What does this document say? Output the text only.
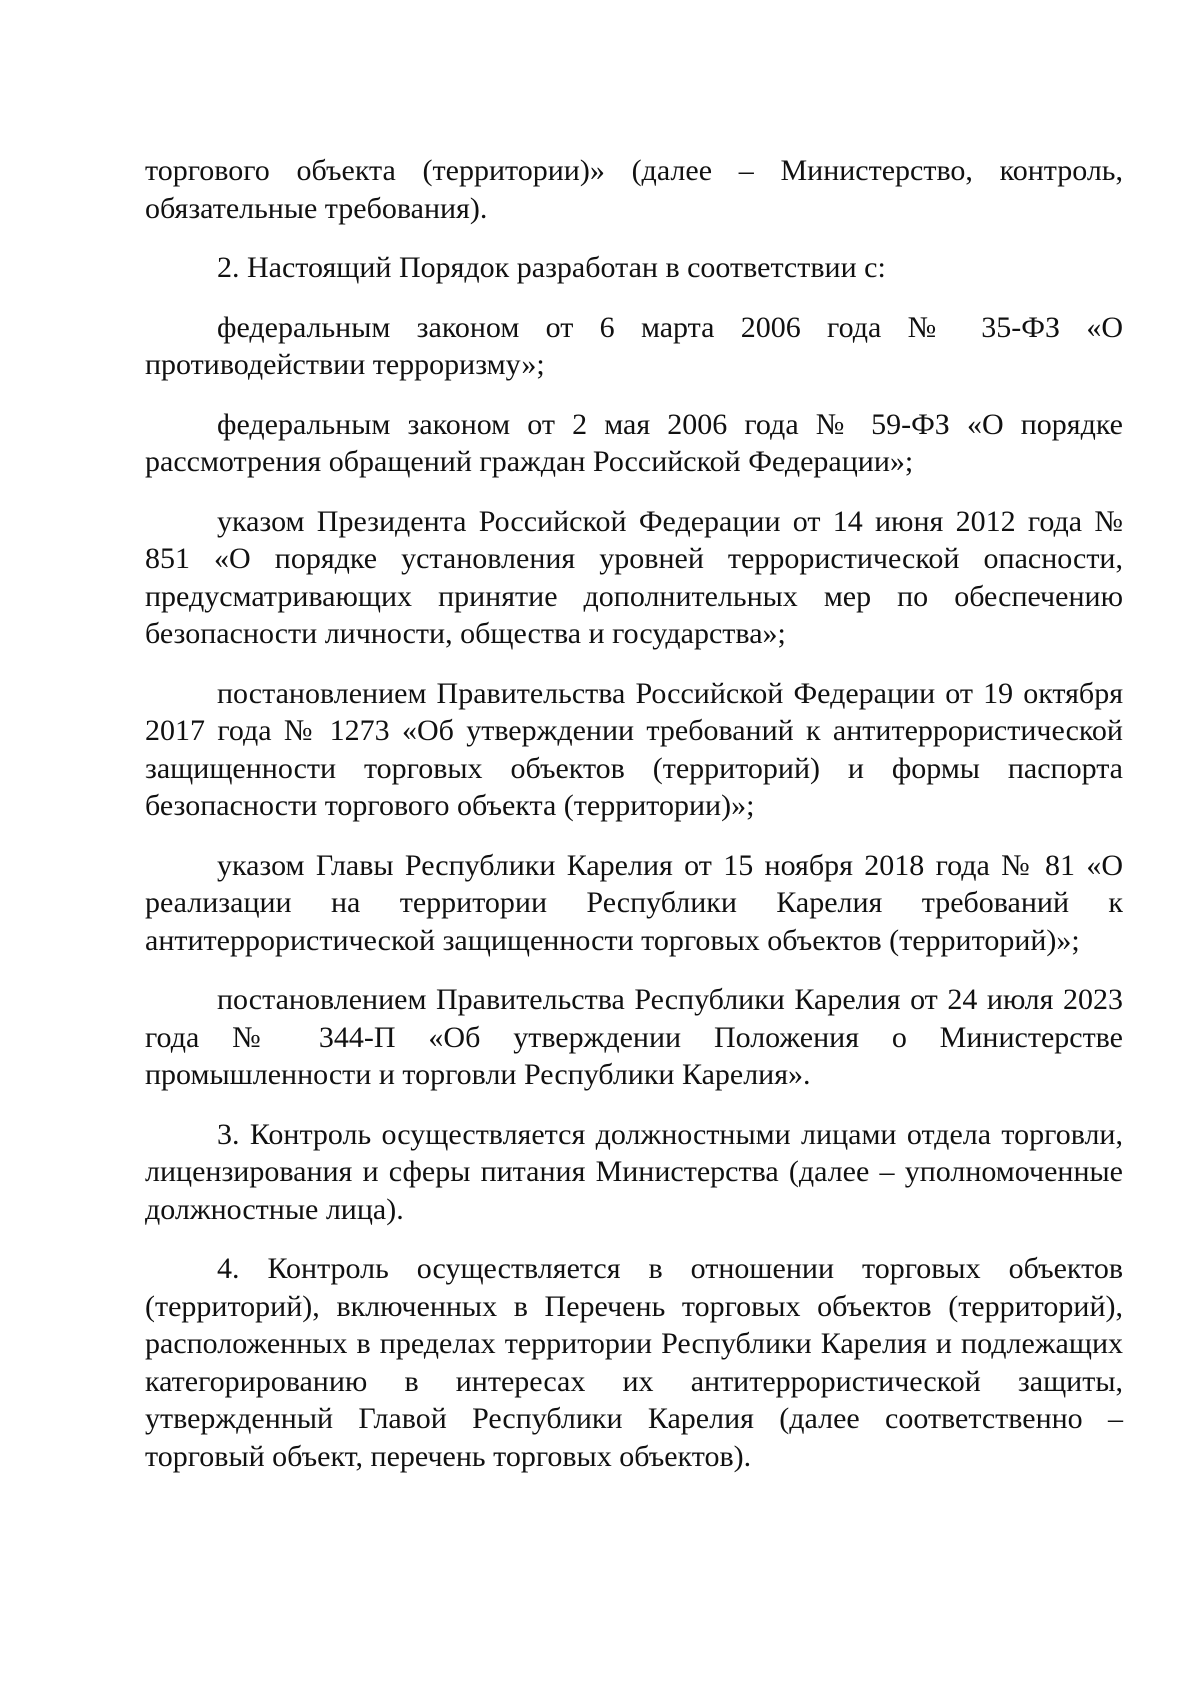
торгового объекта (территории)» (далее – Министерство, контроль, обязательные требования).

2. Настоящий Порядок разработан в соответствии с:

федеральным законом от 6 марта 2006 года № 35-ФЗ «О противодействии терроризму»;

федеральным законом от 2 мая 2006 года № 59-ФЗ «О порядке рассмотрения обращений граждан Российской Федерации»;

указом Президента Российской Федерации от 14 июня 2012 года № 851 «О порядке установления уровней террористической опасности, предусматривающих принятие дополнительных мер по обеспечению безопасности личности, общества и государства»;

постановлением Правительства Российской Федерации от 19 октября 2017 года № 1273 «Об утверждении требований к антитеррористической защищенности торговых объектов (территорий) и формы паспорта безопасности торгового объекта (территории)»;

указом Главы Республики Карелия от 15 ноября 2018 года № 81 «О реализации на территории Республики Карелия требований к антитеррористической защищенности торговых объектов (территорий)»;

постановлением Правительства Республики Карелия от 24 июля 2023 года № 344-П «Об утверждении Положения о Министерстве промышленности и торговли Республики Карелия».

3. Контроль осуществляется должностными лицами отдела торговли, лицензирования и сферы питания Министерства (далее – уполномоченные должностные лица).

4. Контроль осуществляется в отношении торговых объектов (территорий), включенных в Перечень торговых объектов (территорий), расположенных в пределах территории Республики Карелия и подлежащих категорированию в интересах их антитеррористической защиты, утвержденный Главой Республики Карелия (далее соответственно – торговый объект, перечень торговых объектов).
